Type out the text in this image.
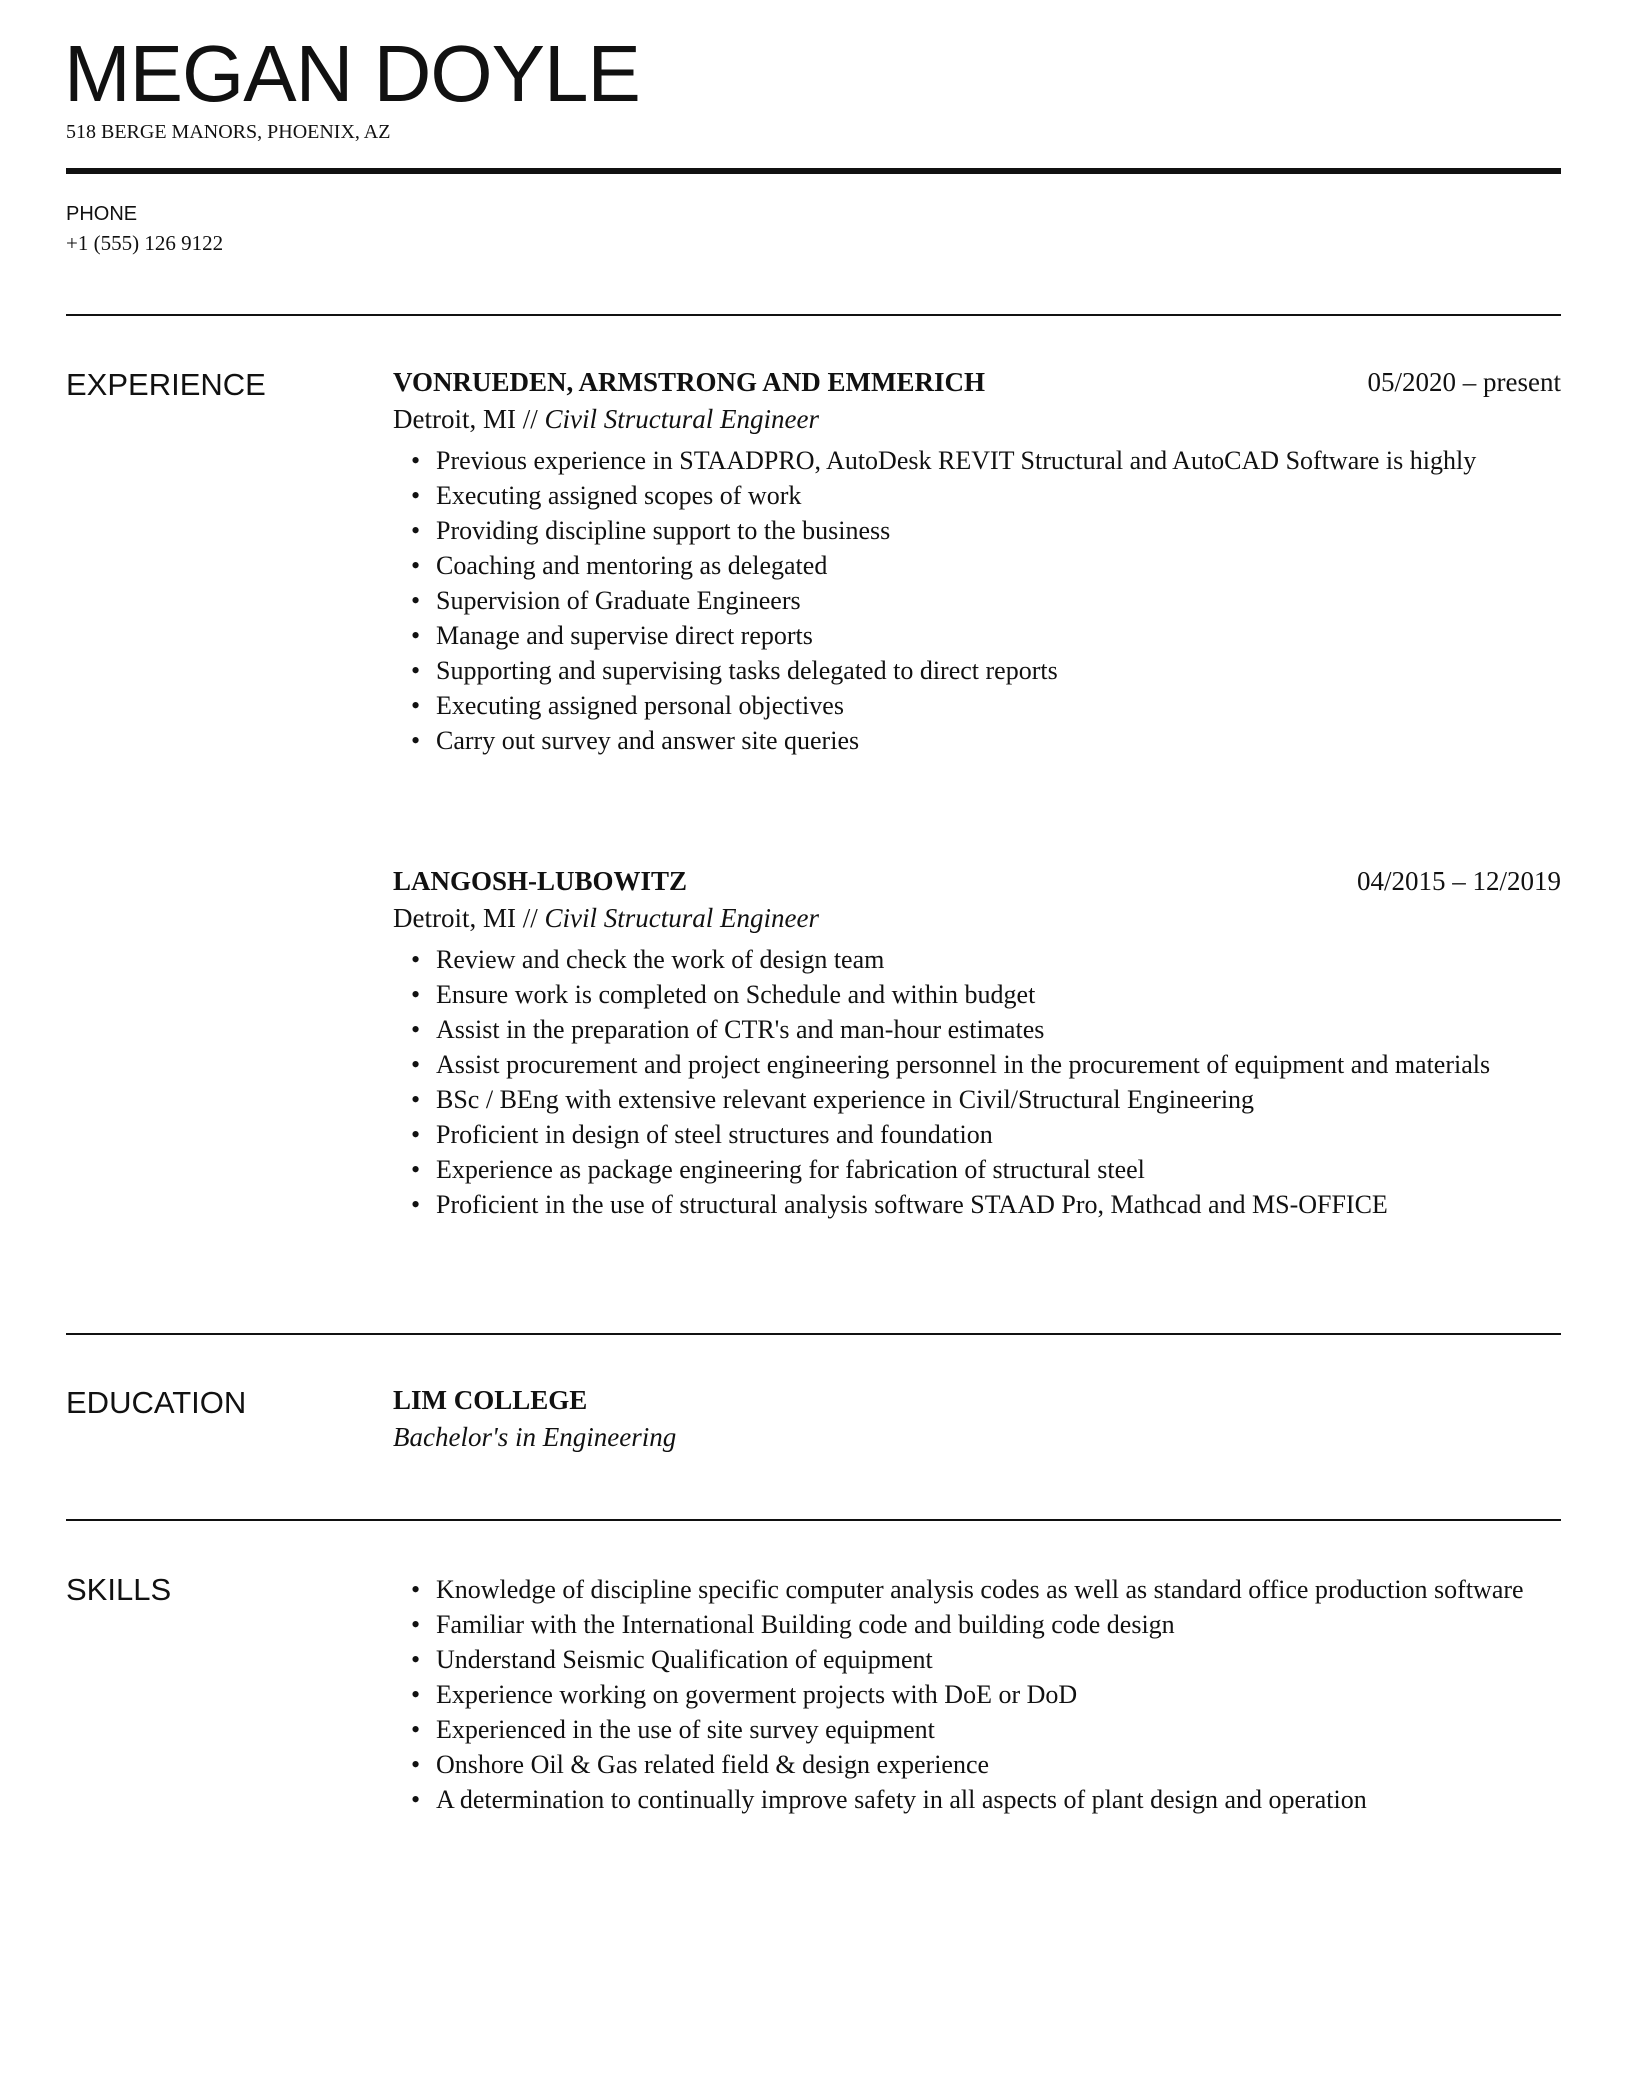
MEGAN DOYLE
518 BERGE MANORS, PHOENIX, AZ
PHONE
+1 (555) 126 9122
EXPERIENCE	VONRUEDEN, ARMSTRONG AND EMMERICH	05/2020 – present
Detroit, MI // Civil Structural Engineer
• Previous experience in STAADPRO, AutoDesk REVIT Structural and AutoCAD Software is highly
• Executing assigned scopes of work
• Providing discipline support to the business
• Coaching and mentoring as delegated
• Supervision of Graduate Engineers
• Manage and supervise direct reports
• Supporting and supervising tasks delegated to direct reports
• Executing assigned personal objectives
• Carry out survey and answer site queries
LANGOSH-LUBOWITZ	04/2015 – 12/2019
Detroit, MI // Civil Structural Engineer
• Review and check the work of design team
• Ensure work is completed on Schedule and within budget
• Assist in the preparation of CTR's and man-hour estimates
• Assist procurement and project engineering personnel in the procurement of equipment and materials
• BSc / BEng with extensive relevant experience in Civil/Structural Engineering
• Proficient in design of steel structures and foundation
• Experience as package engineering for fabrication of structural steel
• Proficient in the use of structural analysis software STAAD Pro, Mathcad and MS-OFFICE
EDUCATION	LIM COLLEGE
Bachelor's in Engineering
SKILLS	• Knowledge of discipline specific computer analysis codes as well as standard office production software
• Familiar with the International Building code and building code design
• Understand Seismic Qualification of equipment
• Experience working on goverment projects with DoE or DoD
• Experienced in the use of site survey equipment
• Onshore Oil & Gas related field & design experience
• A determination to continually improve safety in all aspects of plant design and operation
